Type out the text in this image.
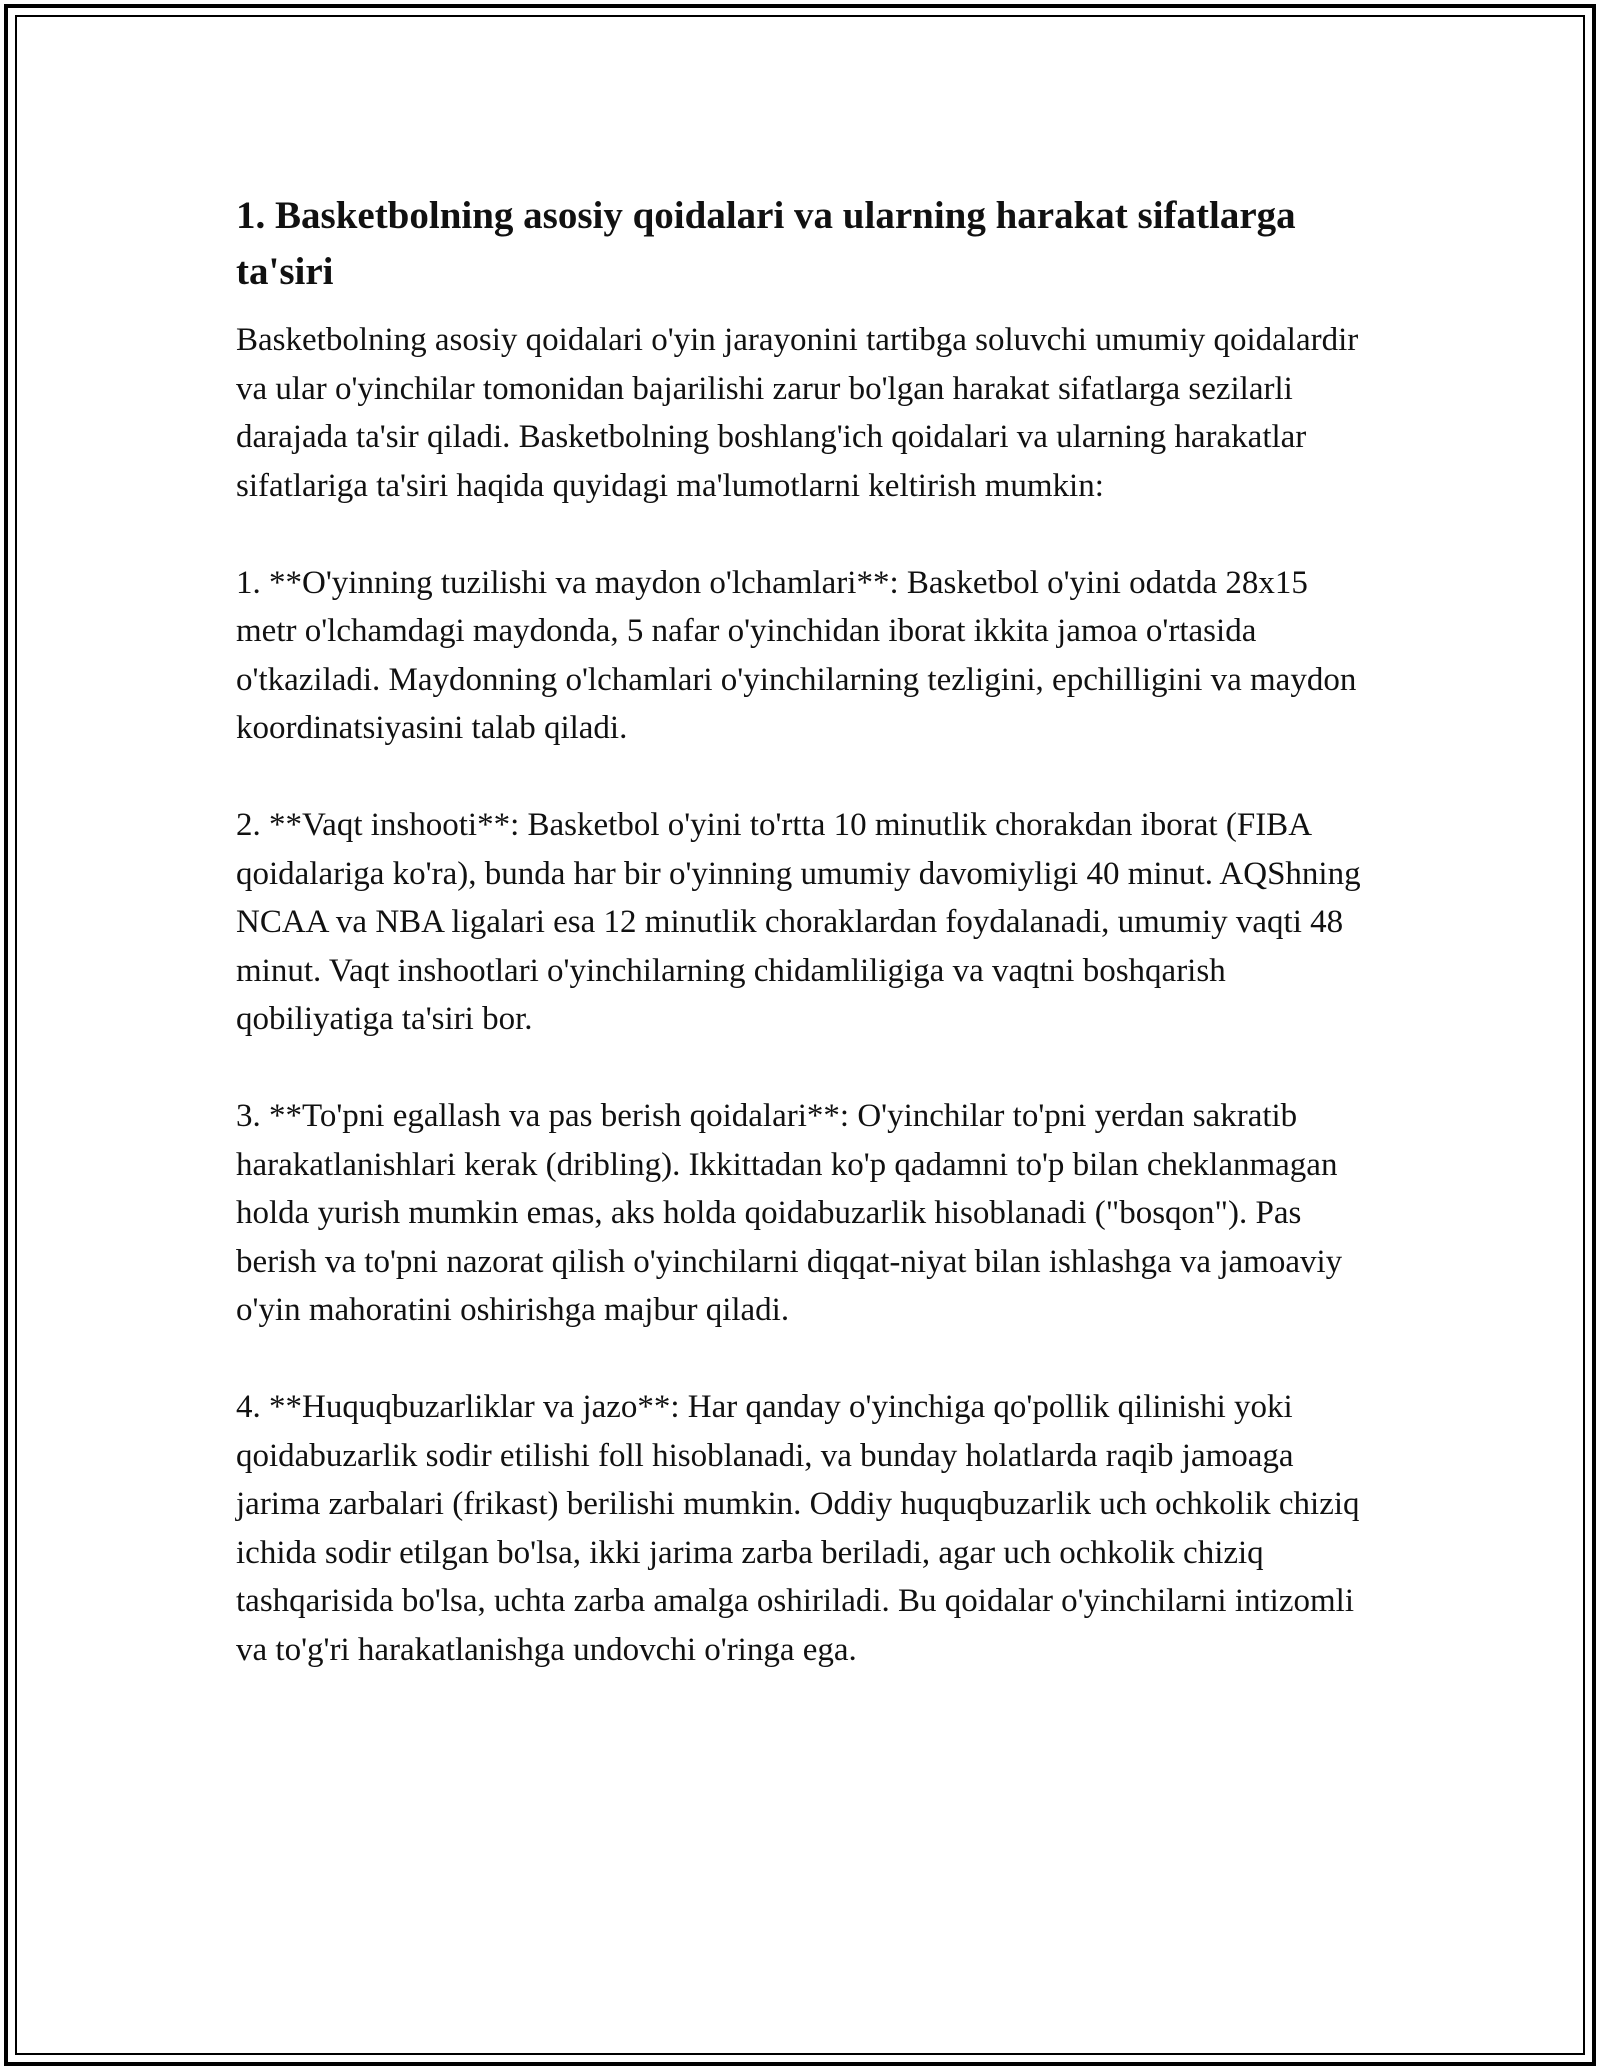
1. Basketbolning asosiy qoidalari va ularning harakat sifatlarga ta'siri

Basketbolning asosiy qoidalari o'yin jarayonini tartibga soluvchi umumiy qoidalardir va ular o'yinchilar tomonidan bajarilishi zarur bo'lgan harakat sifatlarga sezilarli darajada ta'sir qiladi. Basketbolning boshlang'ich qoidalari va ularning harakatlar sifatlariga ta'siri haqida quyidagi ma'lumotlarni keltirish mumkin:

1. **O'yinning tuzilishi va maydon o'lchamlari**: Basketbol o'yini odatda 28x15 metr o'lchamdagi maydonda, 5 nafar o'yinchidan iborat ikkita jamoa o'rtasida o'tkaziladi. Maydonning o'lchamlari o'yinchilarning tezligini, epchilligini va maydon koordinatsiyasini talab qiladi.

2. **Vaqt inshooti**: Basketbol o'yini to'rtta 10 minutlik chorakdan iborat (FIBA qoidalariga ko'ra), bunda har bir o'yinning umumiy davomiyligi 40 minut. AQShning NCAA va NBA ligalari esa 12 minutlik choraklardan foydalanadi, umumiy vaqti 48 minut. Vaqt inshootlari o'yinchilarning chidamliligiga va vaqtni boshqarish qobiliyatiga ta'siri bor.

3. **To'pni egallash va pas berish qoidalari**: O'yinchilar to'pni yerdan sakratib harakatlanishlari kerak (dribling). Ikkittadan ko'p qadamni to'p bilan cheklanmagan holda yurish mumkin emas, aks holda qoidabuzarlik hisoblanadi ("bosqon"). Pas berish va to'pni nazorat qilish o'yinchilarni diqqat-niyat bilan ishlashga va jamoaviy o'yin mahoratini oshirishga majbur qiladi.

4. **Huquqbuzarliklar va jazo**: Har qanday o'yinchiga qo'pollik qilinishi yoki qoidabuzarlik sodir etilishi foll hisoblanadi, va bunday holatlarda raqib jamoaga jarima zarbalari (frikast) berilishi mumkin. Oddiy huquqbuzarlik uch ochkolik chiziq ichida sodir etilgan bo'lsa, ikki jarima zarba beriladi, agar uch ochkolik chiziq tashqarisida bo'lsa, uchta zarba amalga oshiriladi. Bu qoidalar o'yinchilarni intizomli va to'g'ri harakatlanishga undovchi o'ringa ega.
